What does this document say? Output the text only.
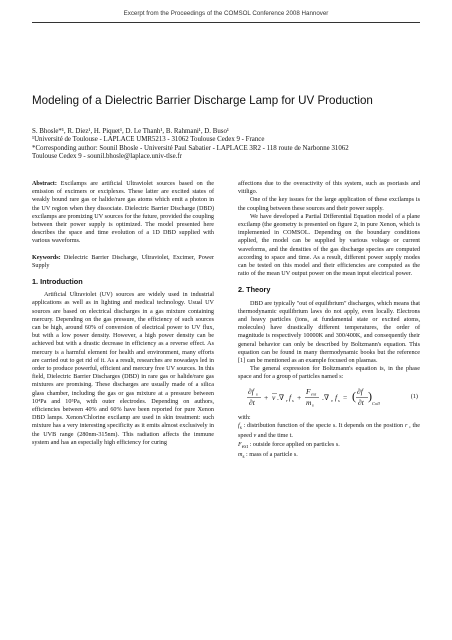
Excerpt from the Proceedings of the COMSOL Conference 2008 Hannover
Modeling of a Dielectric Barrier Discharge Lamp for UV Production

S. Bhosle*¹, R. Diez¹, H. Piquet¹, D. Le Thanh¹, B. Rahmani¹, D. Buso¹

¹Université de Toulouse - LAPLACE UMR5213 - 31062 Toulouse Cedex 9 - France

*Corresponding author: Sounil Bhosle - Université Paul Sabatier - LAPLACE 3R2 - 118 route de Narbonne 31062

Toulouse Cedex 9 - sounil.bhosle@laplace.univ-tlse.fr

Abstract: Excilamps are artificial Ultraviolet sources based on the emission of excimers or exciplexes. These latter are excited states of weakly bound rare gas or halide/rare gas atoms which emit a photon in the UV region when they dissociate. Dielectric Barrier Discharge (DBD) excilamps are promizing UV sources for the future, provided the coupling between their power supply is optimized. The model presented here describes the space and time evolution of a 1D DBD supplied with various waveforms.

Keywords: Dielectric Barrier Discharge, Ultraviolet, Excimer, Power Supply

1. Introduction

Artificial Ultraviolet (UV) sources are widely used in industrial applications as well as in lighting and medical technology. Usual UV sources are based on electrical discharges in a gas mixture containing mercury. Depending on the gas pressure, the efficiency of such sources can be high, around 60% of conversion of electrical power to UV flux, but with a low power density. However, a high power density can be achieved but with a drastic decrease in efficiency as a reverse effect. As mercury is a harmful element for health and environment, many efforts are carried out to get rid of it. As a result, researches are nowadays led in order to produce powerful, efficient and mercury free UV sources. In this field, Dielectric Barrier Discharges (DBD) in rare gas or halide/rare gas mixtures are promising. These discharges are usually made of a silica glass chamber, including the gas or gas mixture at a pressure between 10⁴Pa and 10⁵Pa, with outer electrodes. Depending on authors, efficiencies between 40% and 60% have been reported for pure Xenon DBD lamps. Xenon/Chlorine excilamp are used in skin treatment: such mixture has a very interesting specificity as it emits almost exclusively in the UVB range (280nm-315nm). This radiation affects the immune system and has an especially high efficiency for curing

affections due to the overactivity of this system, such as psoriasis and vitiligo.

One of the key issues for the large application of these excilamps is the coupling between these sources and their power supply.

We have developed a Partial Differential Equation model of a plane excilamp (the geometry is presented on figure 2, in pure Xenon, which is implemented in COMSOL. Depending on the boundary conditions applied, the model can be supplied by various voltage or current waveforms, and the densities of the gas discharge species are computed according to space and time. As a result, different power supply modes can be tested on this model and their efficiencies are computed as the ratio of the mean UV output power on the mean input electrical power.

2. Theory

DBD are typically "out of equilibrium" discharges, which means that thermodynamic equilibrium laws do not apply, even locally. Electrons and heavy particles (ions, at fundamental state or excited atoms, molecules) have drastically different temperatures, the order of magnitude is respectively 10000K and 300/400K, and consequently their general behavior can only be described by Boltzmann's equation. This equation can be found in many thermodynamic books but the reference [1] can be mentioned as an example focused on plasmas.

The general expression for Boltzmann's equation is, in the phase space and for a group of particles named s:

∂f s
∂t
+ v .∇ r f s +
F ext
m s
.∇ v f s = ( ∂f
∂t )
Coll
(1)

with:

$f_s$ : distribution function of the specie s. It depends on the position r , the speed v and the time t.

$F_{ext}$ : outside force applied on particles s.

$m_s$ : mass of a particle s.
